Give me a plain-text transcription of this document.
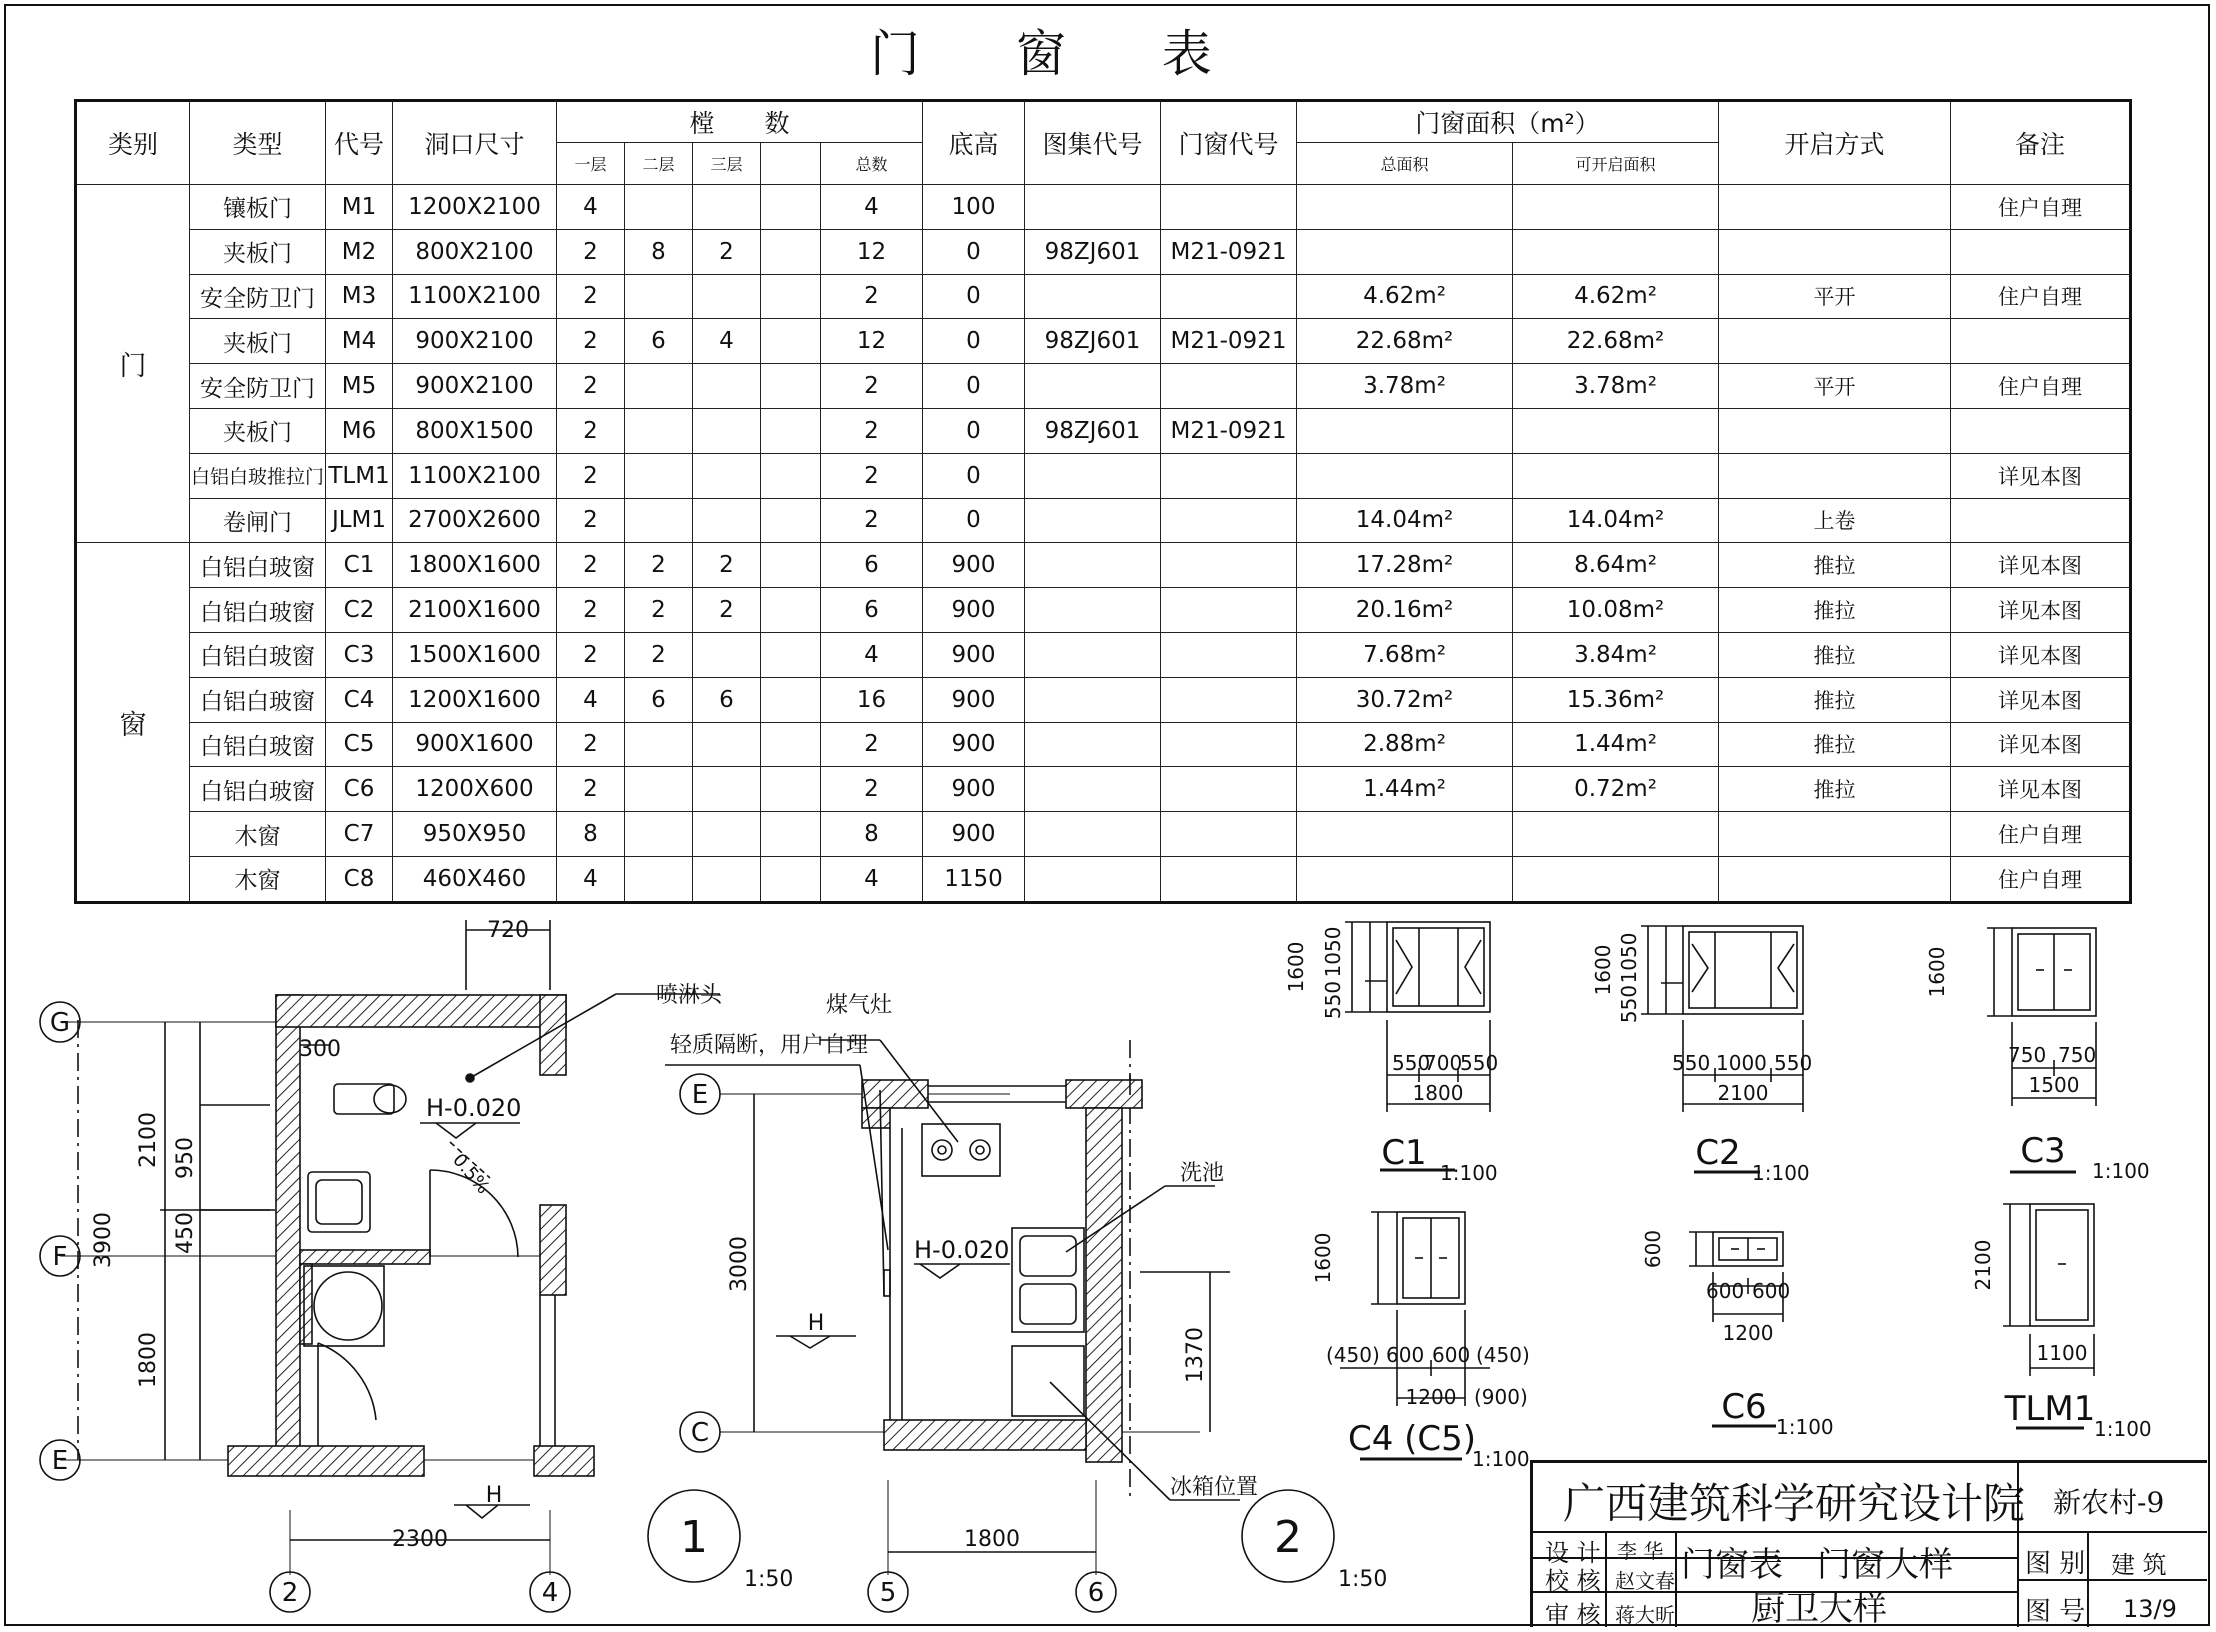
门 窗 表
类别	类型	代号	洞口尺寸	樘　　数					底高	图集代号	门窗代号	门窗面积（m²）		开启方式	备注
				一层	二层	三层		总数				总面积	可开启面积		
门	镶板门	M1	1200X2100	4				4	100						住户自理
	夹板门	M2	800X2100	2	8	2		12	0	98ZJ601	M21-0921				
	安全防卫门	M3	1100X2100	2				2	0			4.62m²	4.62m²	平开	住户自理
	夹板门	M4	900X2100	2	6	4		12	0	98ZJ601	M21-0921	22.68m²	22.68m²		
	安全防卫门	M5	900X2100	2				2	0			3.78m²	3.78m²	平开	住户自理
	夹板门	M6	800X1500	2				2	0	98ZJ601	M21-0921				
	白铝白玻推拉门	TLM1	1100X2100	2				2	0						详见本图
	卷闸门	JLM1	2700X2600	2				2	0			14.04m²	14.04m²	上卷	
窗	白铝白玻窗	C1	1800X1600	2	2	2		6	900			17.28m²	8.64m²	推拉	详见本图
	白铝白玻窗	C2	2100X1600	2	2	2		6	900			20.16m²	10.08m²	推拉	详见本图
	白铝白玻窗	C3	1500X1600	2	2			4	900			7.68m²	3.84m²	推拉	详见本图
	白铝白玻窗	C4	1200X1600	4	6	6		16	900			30.72m²	15.36m²	推拉	详见本图
	白铝白玻窗	C5	900X1600	2				2	900			2.88m²	1.44m²	推拉	详见本图
	白铝白玻窗	C6	1200X600	2				2	900			1.44m²	0.72m²	推拉	详见本图
	木窗	C7	950X950	8				8	900						住户自理
	木窗	C8	460X460	4				4	1150						住户自理
G
F
E
2	4
720
300
2100 950
450
3900
1800
2300
H-0.020
0.5%
H
喷淋头
1
1:50
E
C
5	6
3000
1370
1800
H-0.020
H
煤气灶
轻质隔断，用户自理
洗池
冰箱位置
2
1:50
1600 1050
550
550
700
550
1800
C1 1:100
1600 1050
550
550 1000 550
2100
C2 1:100
1600
750 750
1500
C3 1:100
1600
(450) 600 600 (450)
1200 (900)
C4 (C5)
1:100
600
600 600
1200
C6 1:100
2100
1100
TLM1
1:100
广西建筑科学研究设计院 新农村-9
设 计 李 华
校 核 赵文春
审 核 蒋大昕
门窗表　门窗大样
厨卫大样
图 别 建 筑
图 号 13/9
